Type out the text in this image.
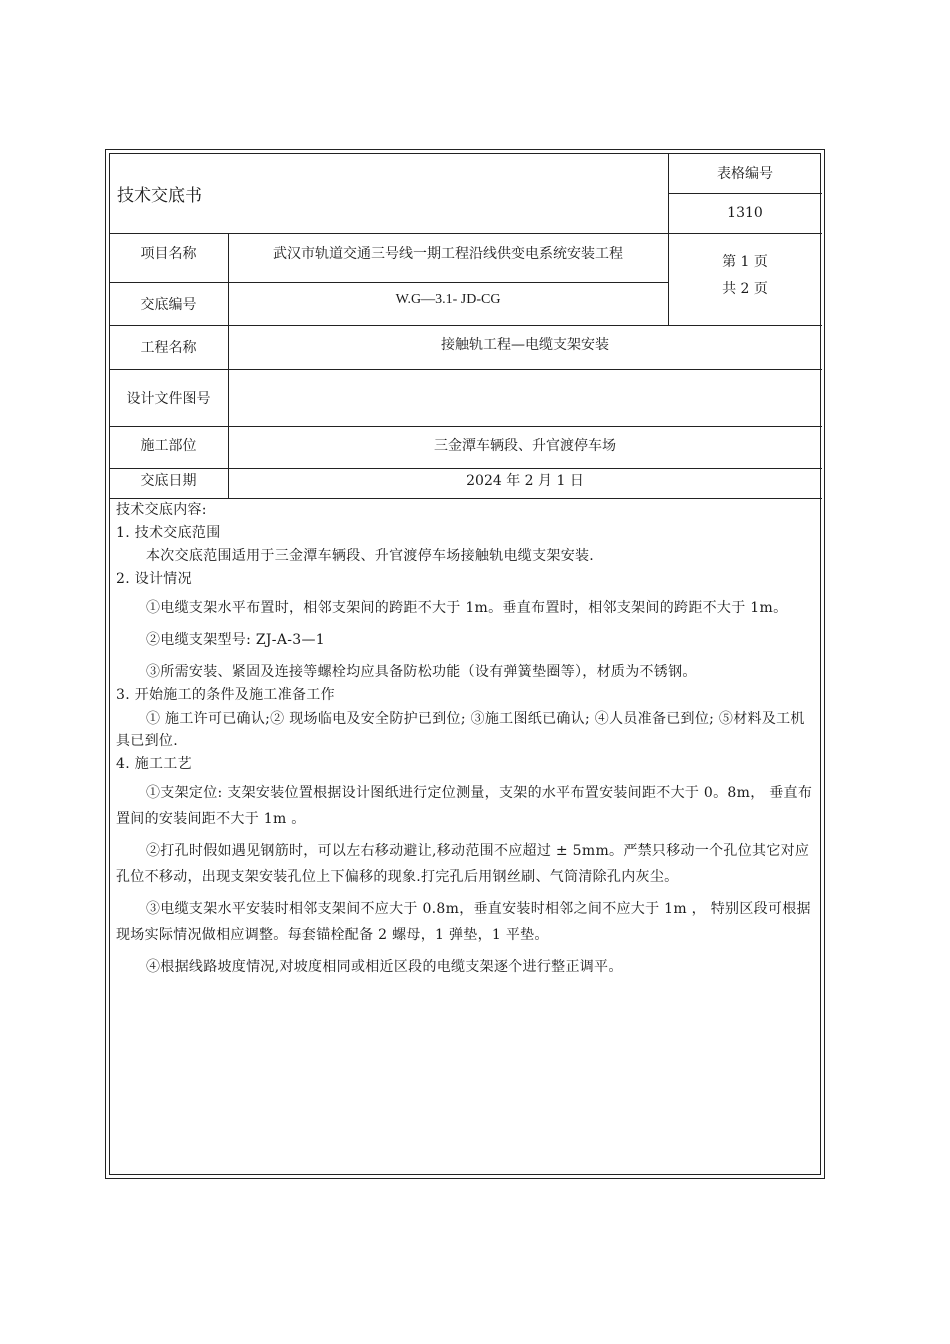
技术交底书
表格编号
1310
第 1 页
共 2 页
项目名称	武汉市轨道交通三号线一期工程沿线供变电系统安装工程
交底编号	W.G—3.1- JD-CG
工程名称	接触轨工程—电缆支架安装
设计文件图号
施工部位	三金潭车辆段、升官渡停车场
交底日期	2024 年 2 月 1 日

技术交底内容:

1. 技术交底范围

本次交底范围适用于三金潭车辆段、升官渡停车场接触轨电缆支架安装.

2. 设计情况

①电缆支架水平布置时，相邻支架间的跨距不大于 1m。垂直布置时，相邻支架间的跨距不大于 1m。

②电缆支架型号: ZJ-A-3—1

③所需安装、紧固及连接等螺栓均应具备防松功能（设有弹簧垫圈等），材质为不锈钢。

3. 开始施工的条件及施工准备工作

① 施工许可已确认;② 现场临电及安全防护已到位; ③施工图纸已确认; ④人员准备已到位; ⑤材料及工机具已到位.

4. 施工工艺

①支架定位: 支架安装位置根据设计图纸进行定位测量，支架的水平布置安装间距不大于 0。8m， 垂直布置间的安装间距不大于 1m 。

②打孔时假如遇见钢筋时，可以左右移动避让,移动范围不应超过 ± 5mm。严禁只移动一个孔位其它对应孔位不移动，出现支架安装孔位上下偏移的现象.打完孔后用钢丝刷、气筒清除孔内灰尘。

③电缆支架水平安装时相邻支架间不应大于 0.8m，垂直安装时相邻之间不应大于 1m ， 特别区段可根据现场实际情况做相应调整。每套锚栓配备 2 螺母，1 弹垫，1 平垫。

④根据线路坡度情况,对坡度相同或相近区段的电缆支架逐个进行整正调平。
